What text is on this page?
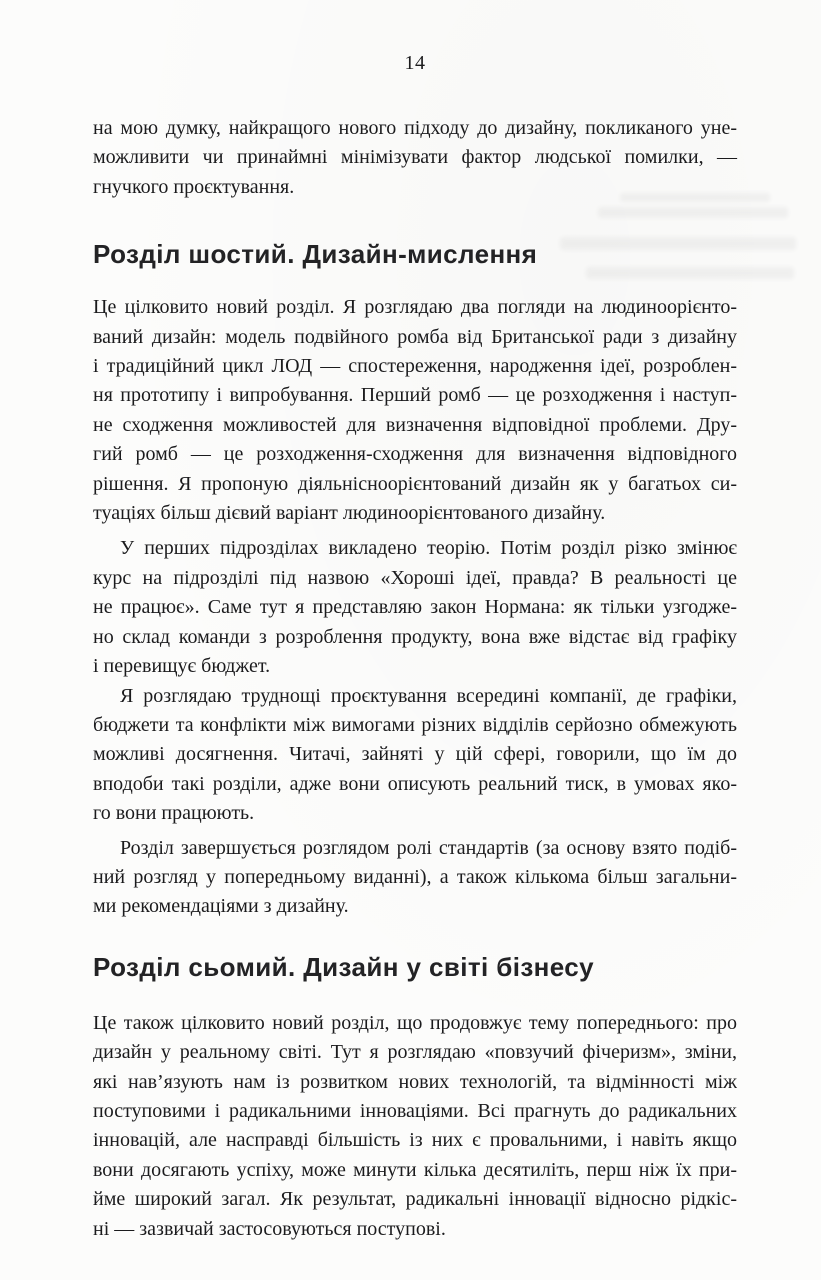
14
на мою думку, найкращого нового підходу до дизайну, покликаного уне-
можливити чи принаймні мінімізувати фактор людської помилки, —
гнучкого проєктування.
Розділ шостий. Дизайн-мислення
Це цілковито новий розділ. Я розглядаю два погляди на людиноорієнто-
ваний дизайн: модель подвійного ромба від Британської ради з дизайну
і традиційний цикл ЛОД — спостереження, народження ідеї, розроблен-
ня прототипу і випробування. Перший ромб — це розходження і наступ-
не сходження можливостей для визначення відповідної проблеми. Дру-
гий ромб — це розходження-сходження для визначення відповідного
рішення. Я пропоную діяльнісноорієнтований дизайн як у багатьох си-
туаціях більш дієвий варіант людиноорієнтованого дизайну.
У перших підрозділах викладено теорію. Потім розділ різко змінює
курс на підрозділі під назвою «Хороші ідеї, правда? В реальності це
не працює». Саме тут я представляю закон Нормана: як тільки узгодже-
но склад команди з розроблення продукту, вона вже відстає від графіку
і перевищує бюджет.
Я розглядаю труднощі проєктування всередині компанії, де графіки,
бюджети та конфлікти між вимогами різних відділів серйозно обмежують
можливі досягнення. Читачі, зайняті у цій сфері, говорили, що їм до
вподоби такі розділи, адже вони описують реальний тиск, в умовах яко-
го вони працюють.
Розділ завершується розглядом ролі стандартів (за основу взято подіб-
ний розгляд у попередньому виданні), а також кількома більш загальни-
ми рекомендаціями з дизайну.
Розділ сьомий. Дизайн у світі бізнесу
Це також цілковито новий розділ, що продовжує тему попереднього: про
дизайн у реальному світі. Тут я розглядаю «повзучий фічеризм», зміни,
які нав’язують нам із розвитком нових технологій, та відмінності між
поступовими і радикальними інноваціями. Всі прагнуть до радикальних
інновацій, але насправді більшість із них є провальними, і навіть якщо
вони досягають успіху, може минути кілька десятиліть, перш ніж їх при-
йме широкий загал. Як результат, радикальні інновації відносно рідкіс-
ні — зазвичай застосовуються поступові.
